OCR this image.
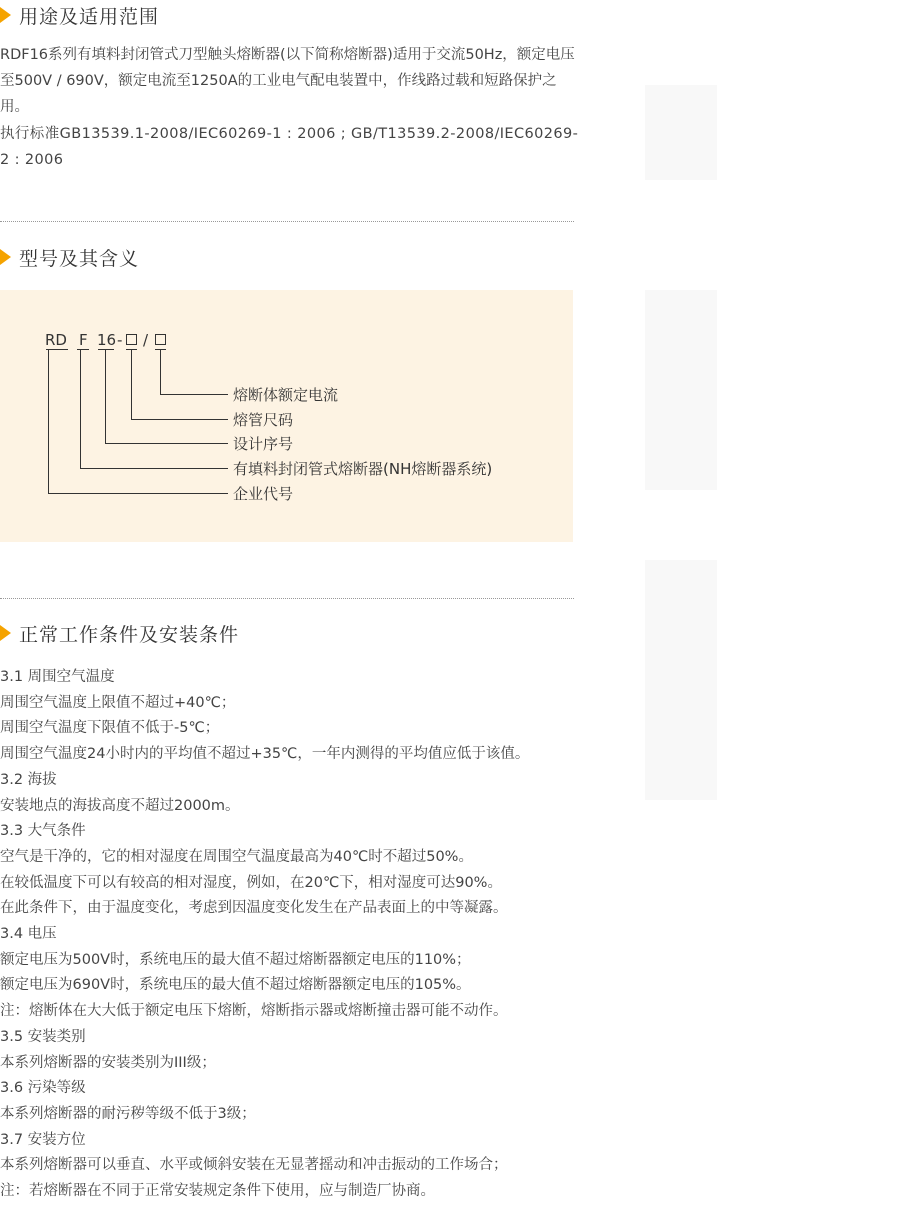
用途及适用范围
RDF16系列有填料封闭管式刀型触头熔断器(以下简称熔断器)适用于交流50Hz，额定电压至500V / 690V，额定电流至1250A的工业电气配电装置中，作线路过载和短路保护之用。
执行标准GB13539.1-2008/IEC60269-1 : 2006 ; GB/T13539.2-2008/IEC60269-2 : 2006
型号及其含义
RD F 16 - /
熔断体额定电流
熔管尺码
设计序号
有填料封闭管式熔断器(NH熔断器系统)
企业代号
正常工作条件及安装条件
3.1 周围空气温度
周围空气温度上限值不超过+40℃；
周围空气温度下限值不低于-5℃；
周围空气温度24小时内的平均值不超过+35℃，一年内测得的平均值应低于该值。
3.2 海拔
安装地点的海拔高度不超过2000m。
3.3 大气条件
空气是干净的，它的相对湿度在周围空气温度最高为40℃时不超过50%。
在较低温度下可以有较高的相对湿度，例如，在20℃下，相对湿度可达90%。
在此条件下，由于温度变化，考虑到因温度变化发生在产品表面上的中等凝露。
3.4 电压
额定电压为500V时，系统电压的最大值不超过熔断器额定电压的110%；
额定电压为690V时，系统电压的最大值不超过熔断器额定电压的105%。
注：熔断体在大大低于额定电压下熔断，熔断指示器或熔断撞击器可能不动作。
3.5 安装类别
本系列熔断器的安装类别为III级；
3.6 污染等级
本系列熔断器的耐污秽等级不低于3级；
3.7 安装方位
本系列熔断器可以垂直、水平或倾斜安装在无显著摇动和冲击振动的工作场合；
注：若熔断器在不同于正常安装规定条件下使用，应与制造厂协商。
